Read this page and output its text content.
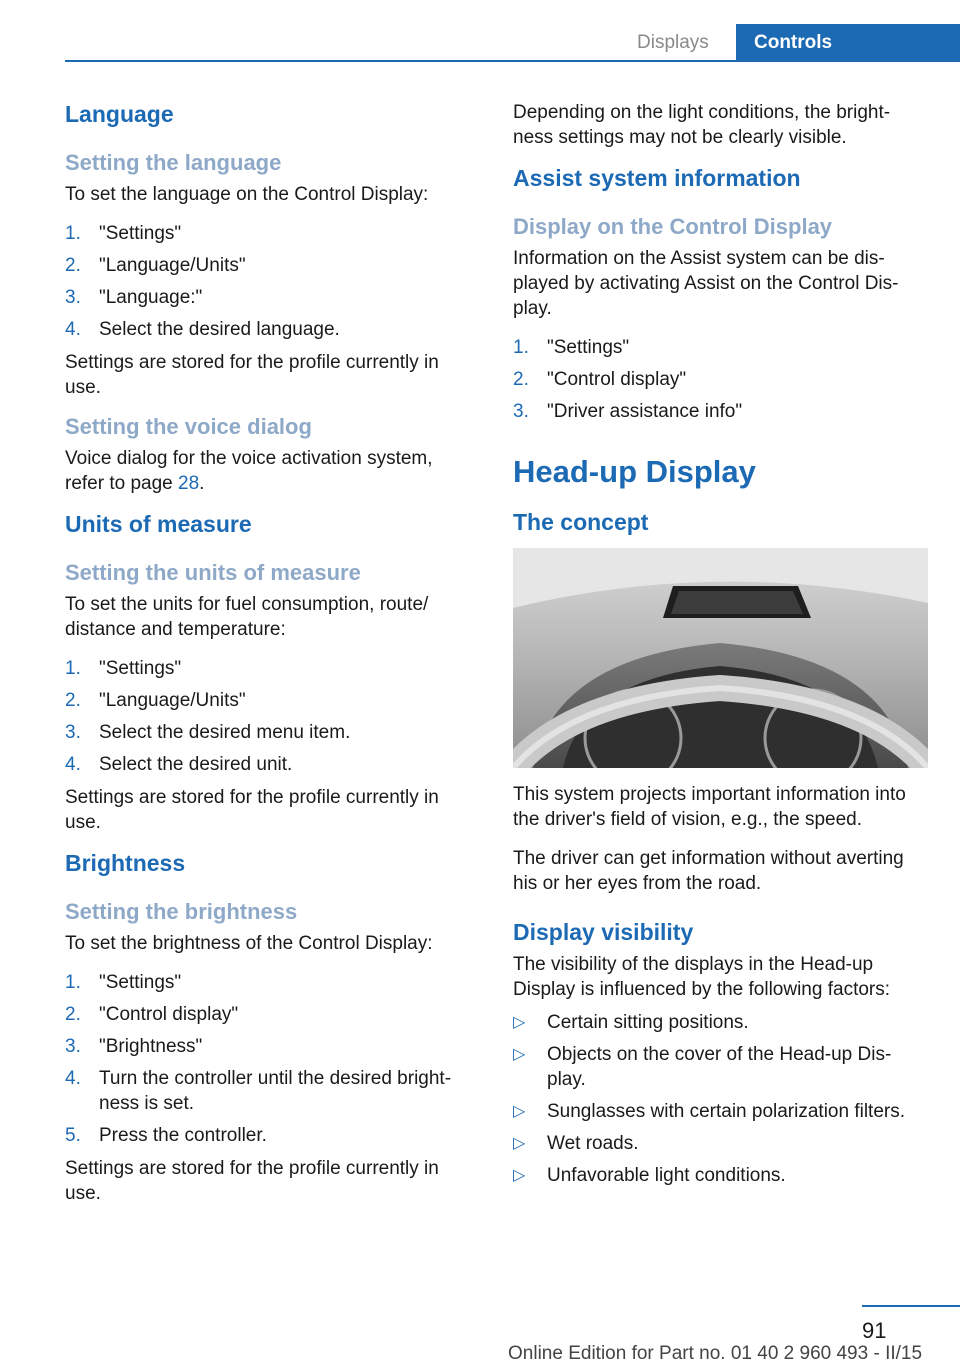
Displays	Controls
Language
Setting the language

To set the language on the Control Display:

1. "Settings"
2. "Language/Units"
3. "Language:"
4. Select the desired language.

Settings are stored for the profile currently in use.

Setting the voice dialog

Voice dialog for the voice activation system, refer to page 28.

Units of measure
Setting the units of measure

To set the units for fuel consumption, route/ distance and temperature:

1. "Settings"
2. "Language/Units"
3. Select the desired menu item.
4. Select the desired unit.

Settings are stored for the profile currently in use.

Brightness
Setting the brightness

To set the brightness of the Control Display:

1. "Settings"
2. "Control display"
3. "Brightness"
4. Turn the controller until the desired bright‐ ness is set.
5. Press the controller.

Settings are stored for the profile currently in use.

Depending on the light conditions, the bright‐ ness settings may not be clearly visible.

Assist system information
Display on the Control Display

Information on the Assist system can be dis‐ played by activating Assist on the Control Dis‐ play.

1. "Settings"
2. "Control display"
3. "Driver assistance info"
Head-up Display
The concept

This system projects important information into the driver's field of vision, e.g., the speed.

The driver can get information without averting his or her eyes from the road.

Display visibility

The visibility of the displays in the Head-up Display is influenced by the following factors:

▷ Certain sitting positions.
▷ Objects on the cover of the Head-up Dis‐ play.
▷ Sunglasses with certain polarization filters.
▷ Wet roads.
▷ Unfavorable light conditions.
91
Online Edition for Part no. 01 40 2 960 493 - II/15
